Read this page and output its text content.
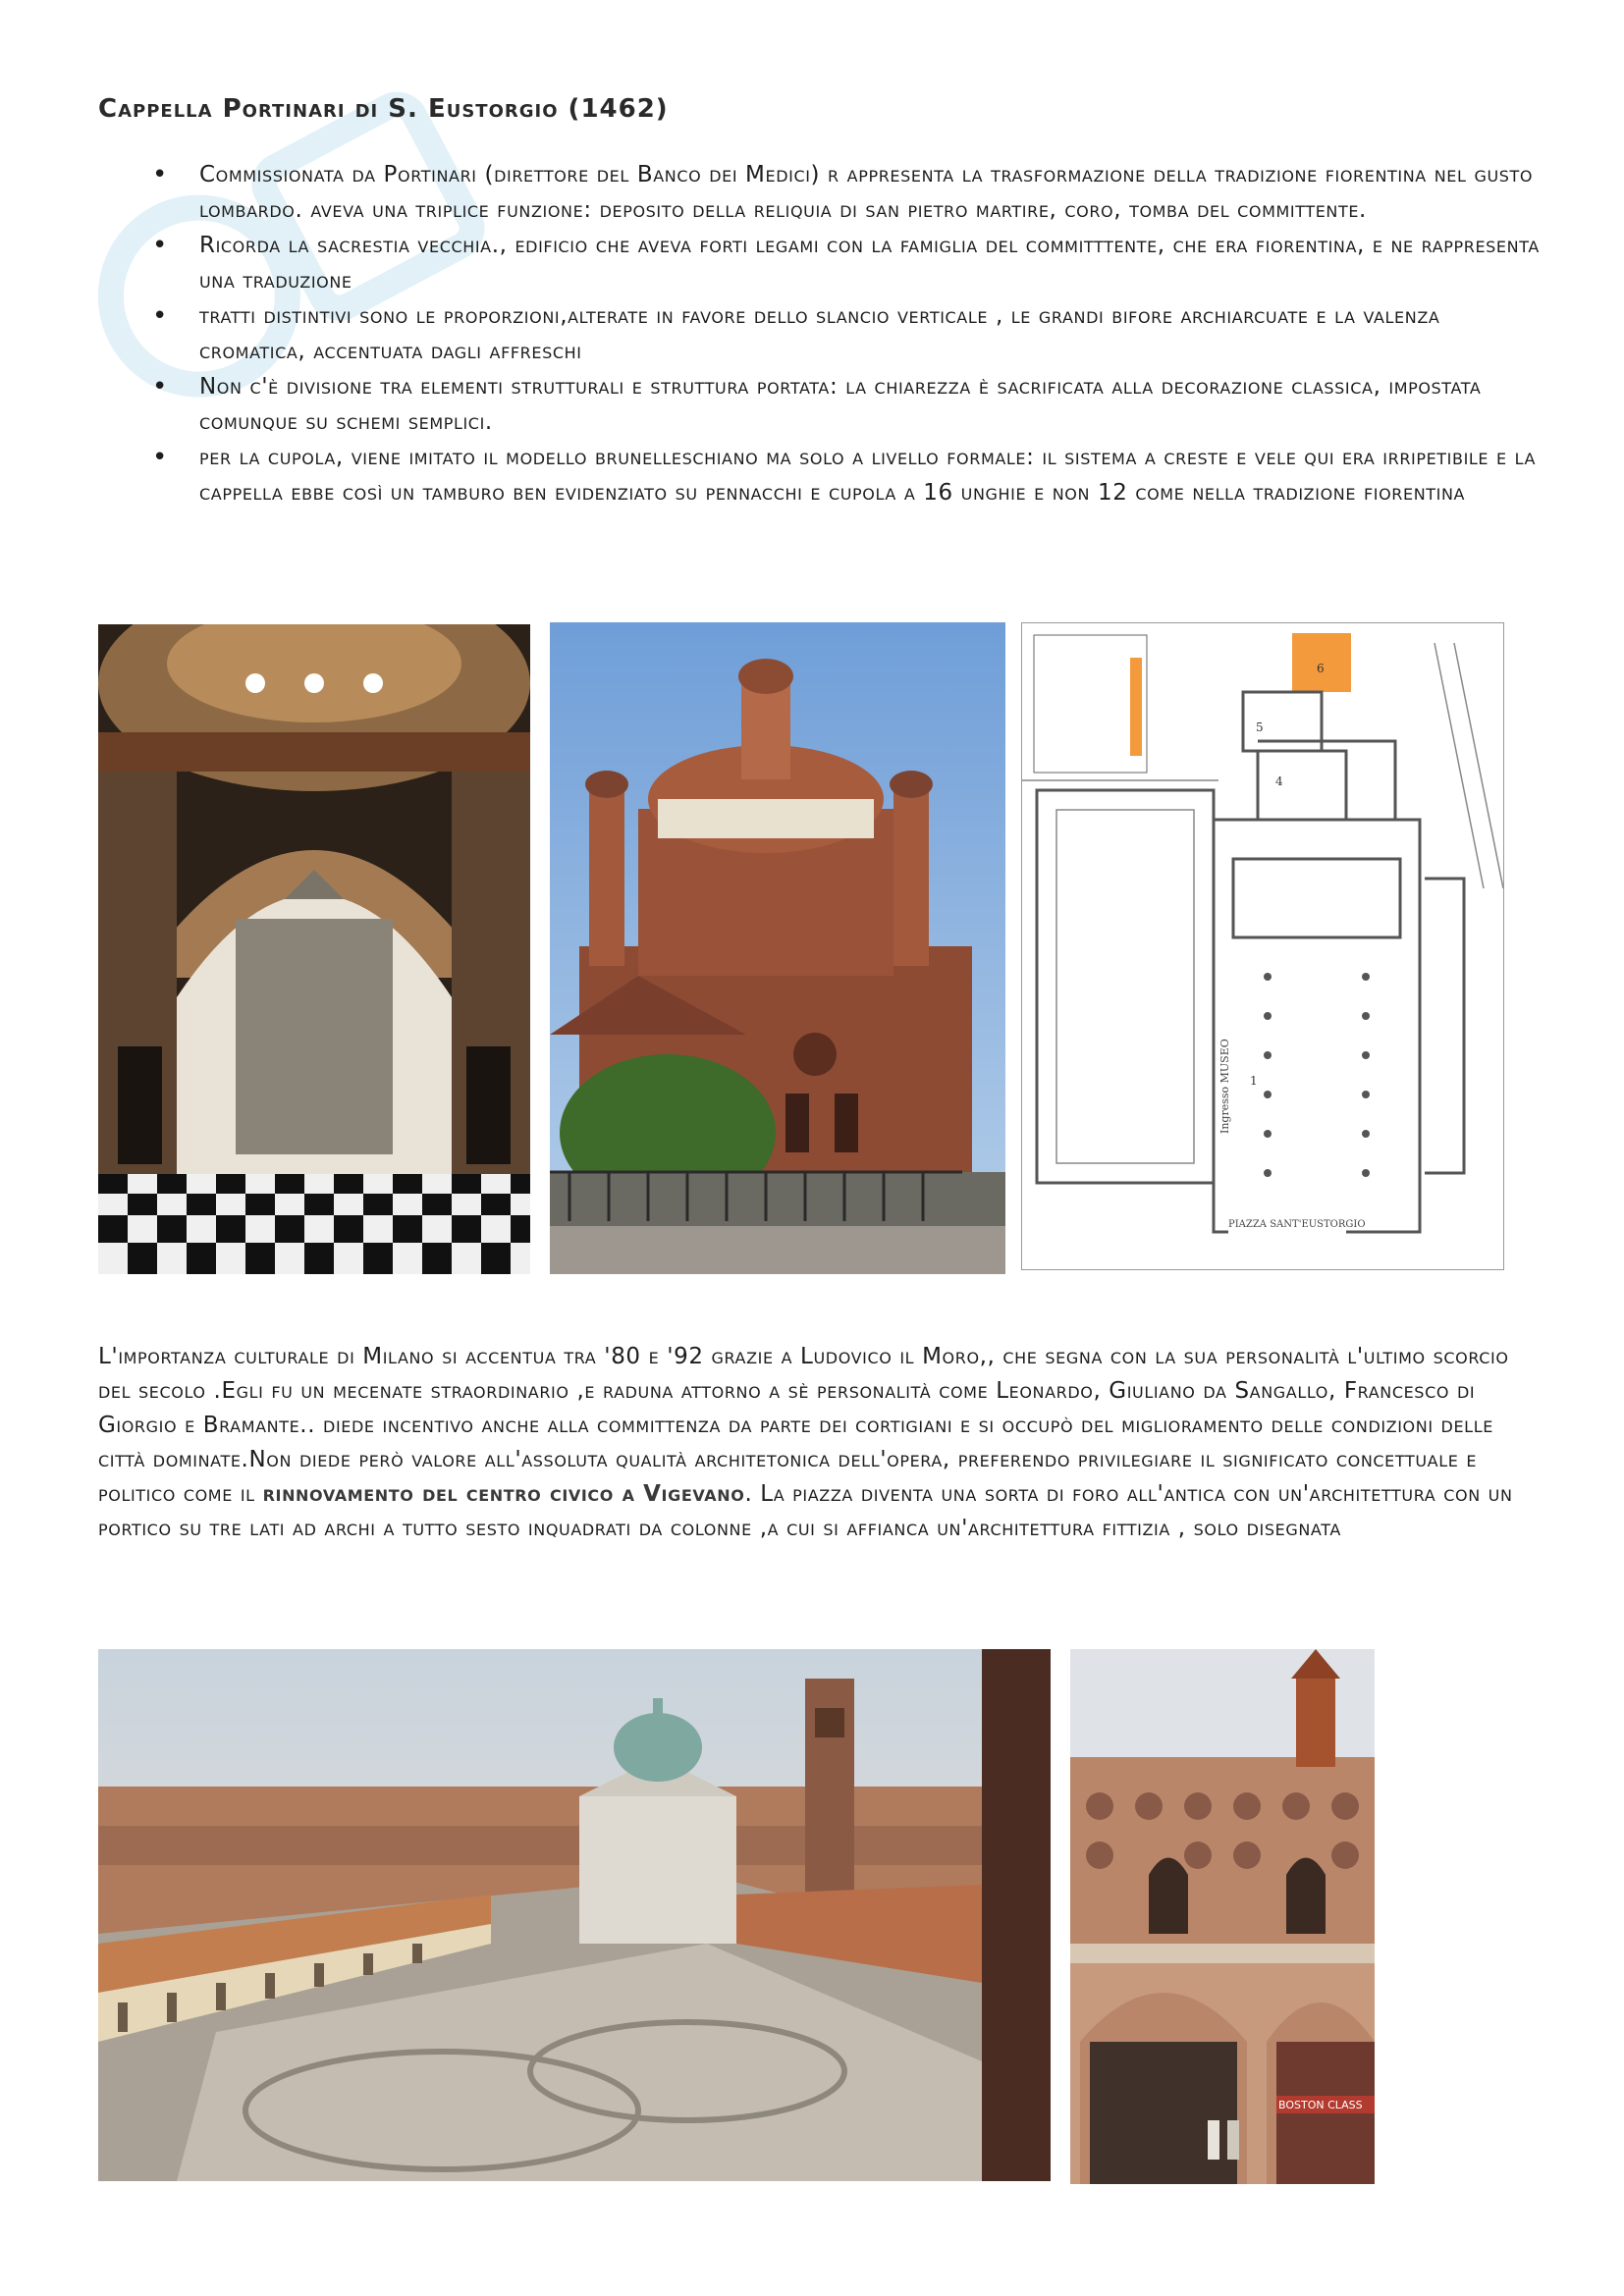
Cappella Portinari di S. Eustorgio (1462)
• Commissionata da Portinari (direttore del Banco dei Medici) r appresenta la trasformazione della tradizione fiorentina nel gusto lombardo. aveva una triplice funzione: deposito della reliquia di san pietro martire, coro, tomba del committente.
• Ricorda la sacrestia vecchia., edificio che aveva forti legami con la famiglia del committtente, che era fiorentina, e ne rappresenta una traduzione
• tratti distintivi sono le proporzioni,alterate in favore dello slancio verticale , le grandi bifore archiarcuate e la valenza cromatica, accentuata dagli affreschi
• Non c'è divisione tra elementi strutturali e struttura portata: la chiarezza è sacrificata alla decorazione classica, impostata comunque su schemi semplici.
• per la cupola, viene imitato il modello brunelleschiano ma solo a livello formale: il sistema a creste e vele qui era irripetibile e la cappella ebbe così un tamburo ben evidenziato su pennacchi e cupola a 16 unghie e non 12 come nella tradizione fiorentina
Ingresso MUSEO
PIAZZA SANT'EUSTORGIO
1
4
5
6
L'importanza culturale di Milano si accentua tra '80 e '92 grazie a Ludovico il Moro,, che segna con la sua personalità l'ultimo scorcio del secolo .Egli fu un mecenate straordinario ,e raduna attorno a sè personalità come Leonardo, Giuliano da Sangallo, Francesco di Giorgio e Bramante.. diede incentivo anche alla committenza da parte dei cortigiani e si occupò del miglioramento delle condizioni delle città dominate.Non diede però valore all'assoluta qualità architetonica dell'opera, preferendo privilegiare il significato concettuale e politico come il rinnovamento del centro civico a Vigevano. La piazza diventa una sorta di foro all'antica con un'architettura con un portico su tre lati ad archi a tutto sesto inquadrati da colonne ,a cui si affianca un'architettura fittizia , solo disegnata
BOSTON CLASS
